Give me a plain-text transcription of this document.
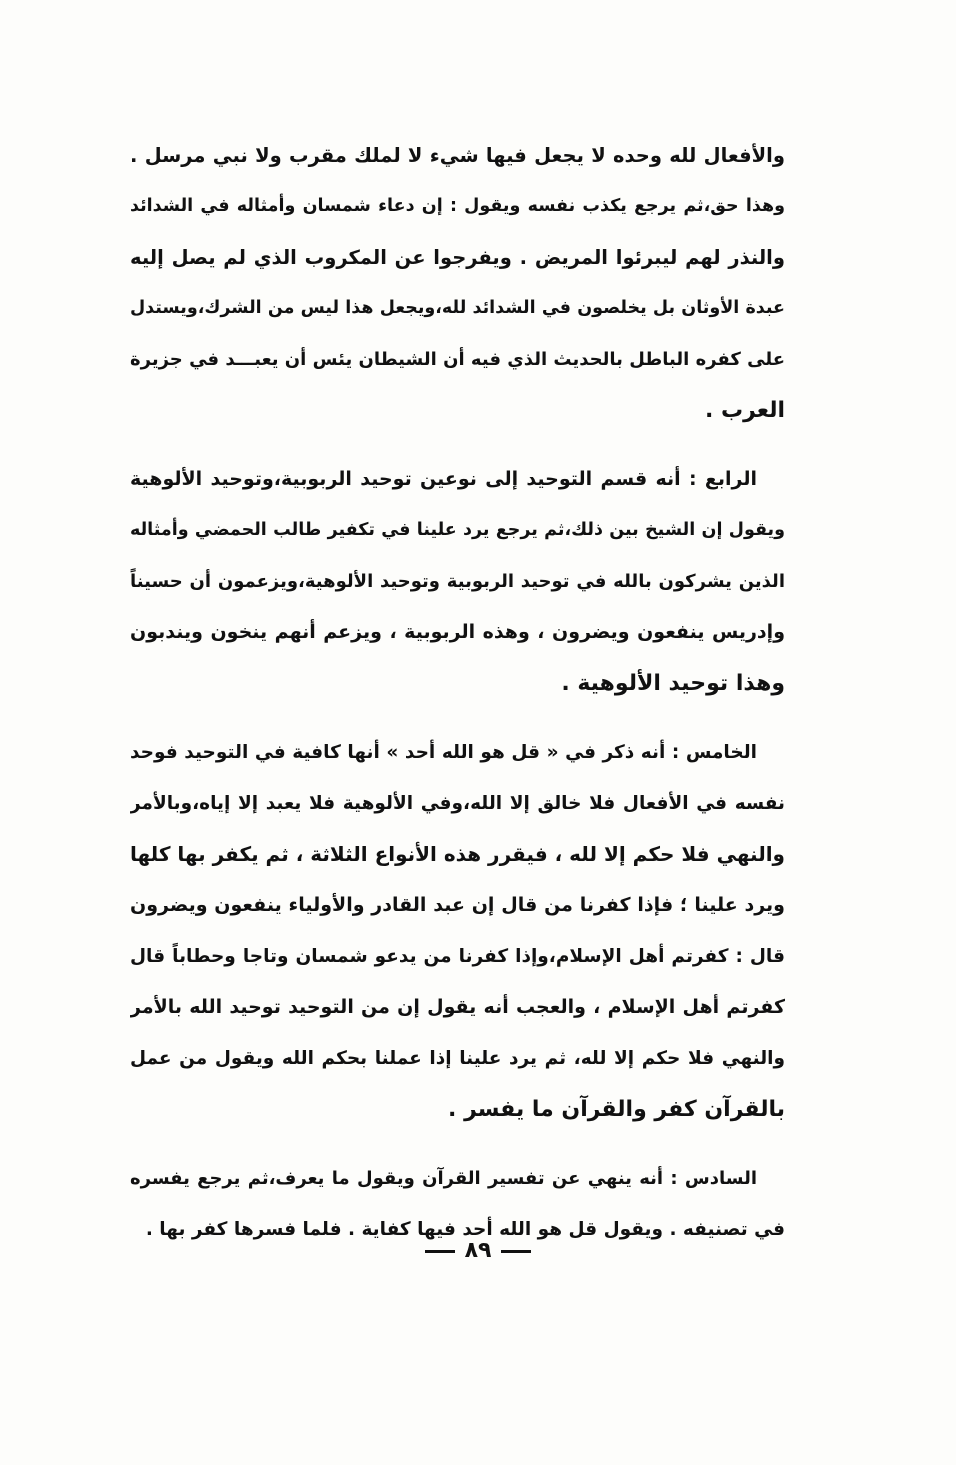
والأفعال لله وحده لا يجعل فيها شيء لا لملك مقرب ولا نبي مرسل .
وهذا حق،ثم يرجع يكذب نفسه ويقول : إن دعاء شمسان وأمثاله في الشدائد
والنذر لهم ليبرئوا المريض . ويفرجوا عن المكروب الذي لم يصل إليه
عبدة الأوثان بل يخلصون في الشدائد لله،ويجعل هذا ليس من الشرك،ويستدل
على كفره الباطل بالحديث الذي فيه أن الشيطان يئس أن يعبـــد في جزيرة
العرب .
الرابع : أنه قسم التوحيد إلى نوعين توحيد الربوبية،وتوحيد الألوهية
ويقول إن الشيخ بين ذلك،ثم يرجع يرد علينا في تكفير طالب الحمضي وأمثاله
الذين يشركون بالله في توحيد الربوبية وتوحيد الألوهية،ويزعمون أن حسيناً
وإدريس ينفعون ويضرون ، وهذه الربوبية ، ويزعم أنهم ينخون ويندبون
وهذا توحيد الألوهية .
الخامس : أنه ذكر في « قل هو الله أحد » أنها كافية في التوحيد فوحد
نفسه في الأفعال فلا خالق إلا الله،وفي الألوهية فلا يعبد إلا إياه،وبالأمر
والنهي فلا حكم إلا لله ، فيقرر هذه الأنواع الثلاثة ، ثم يكفر بها كلها
ويرد علينا ؛ فإذا كفرنا من قال إن عبد القادر والأولياء ينفعون ويضرون
قال : كفرتم أهل الإسلام،وإذا كفرنا من يدعو شمسان وتاجا وحطاباً قال
كفرتم أهل الإسلام ، والعجب أنه يقول إن من التوحيد توحيد الله بالأمر
والنهي فلا حكم إلا لله، ثم يرد علينا إذا عملنا بحكم الله ويقول من عمل
بالقرآن كفر والقرآن ما يفسر .
السادس : أنه ينهي عن تفسير القرآن ويقول ما يعرف،ثم يرجع يفسره
في تصنيفه . ويقول قل هو الله أحد فيها كفاية . فلما فسرها كفر بها .
٨٩
